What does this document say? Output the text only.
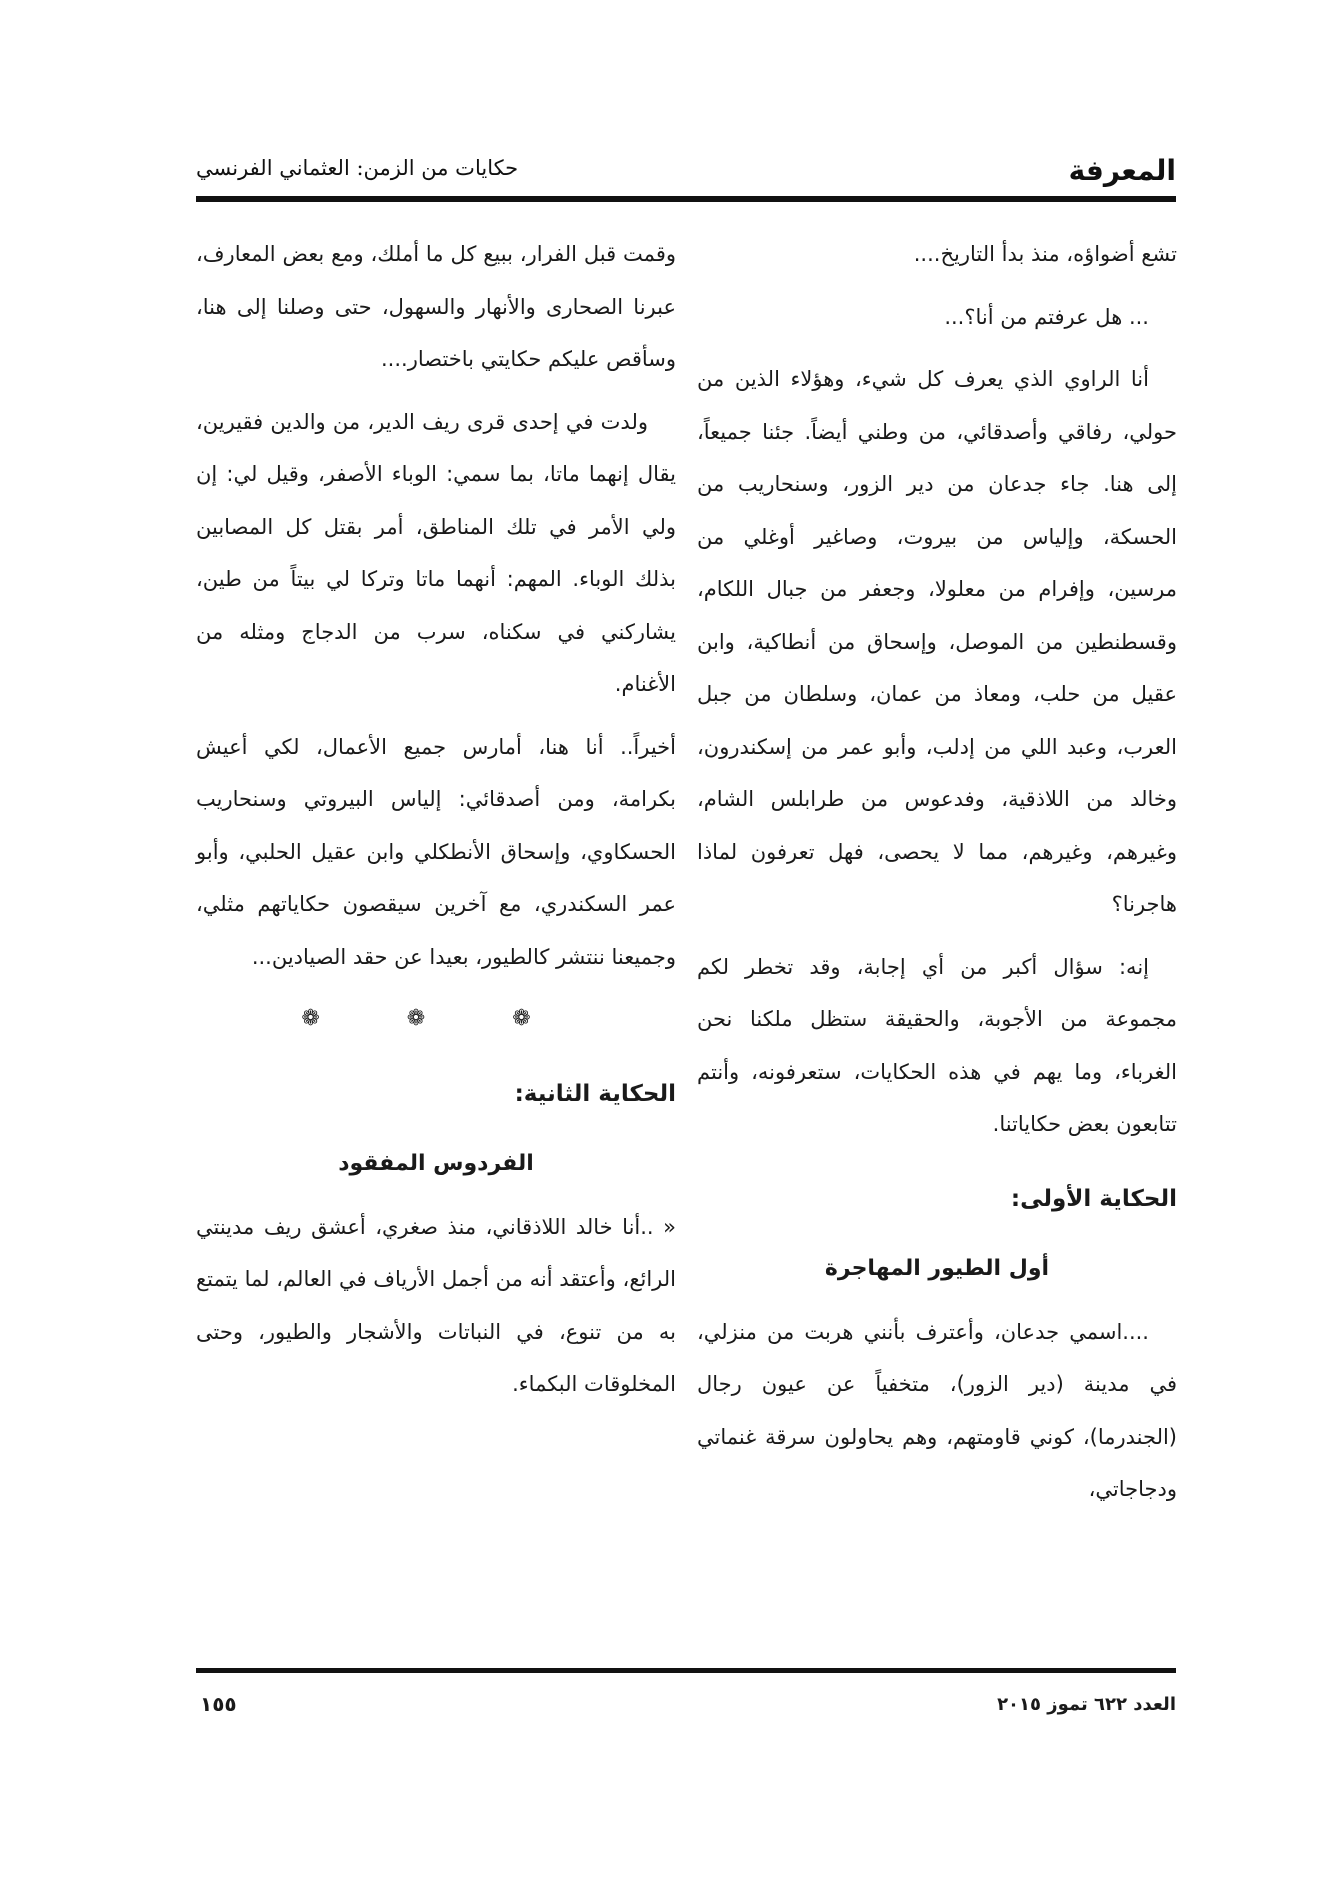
المعرفة
حكايات من الزمن: العثماني الفرنسي

تشع أضواؤه، منذ بدأ التاريخ....

... هل عرفتم من أنا؟...

أنا الراوي الذي يعرف كل شيء، وهؤلاء الذين من حولي، رفاقي وأصدقائي، من وطني أيضاً. جئنا جميعاً، إلى هنا. جاء جدعان من دير الزور، وسنحاريب من الحسكة، وإلياس من بيروت، وصاغير أوغلي من مرسين، وإفرام من معلولا، وجعفر من جبال اللكام، وقسطنطين من الموصل، وإسحاق من أنطاكية، وابن عقيل من حلب، ومعاذ من عمان، وسلطان من جبل العرب، وعبد اللي من إدلب، وأبو عمر من إسكندرون، وخالد من اللاذقية، وفدعوس من طرابلس الشام، وغيرهم، وغيرهم، مما لا يحصى، فهل تعرفون لماذا هاجرنا؟

إنه: سؤال أكبر من أي إجابة، وقد تخطر لكم مجموعة من الأجوبة، والحقيقة ستظل ملكنا نحن الغرباء، وما يهم في هذه الحكايات، ستعرفونه، وأنتم تتابعون بعض حكاياتنا.

الحكاية الأولى:
أول الطيور المهاجرة

....اسمي جدعان، وأعترف بأنني هربت من منزلي، في مدينة (دير الزور)، متخفياً عن عيون رجال (الجندرما)، كوني قاومتهم، وهم يحاولون سرقة غنماتي ودجاجاتي،

وقمت قبل الفرار، ببيع كل ما أملك، ومع بعض المعارف، عبرنا الصحارى والأنهار والسهول، حتى وصلنا إلى هنا، وسأقص عليكم حكايتي باختصار....

ولدت في إحدى قرى ريف الدير، من والدين فقيرين، يقال إنهما ماتا، بما سمي: الوباء الأصفر، وقيل لي: إن ولي الأمر في تلك المناطق، أمر بقتل كل المصابين بذلك الوباء. المهم: أنهما ماتا وتركا لي بيتاً من طين، يشاركني في سكناه، سرب من الدجاج ومثله من الأغنام.

أخيراً.. أنا هنا، أمارس جميع الأعمال، لكي أعيش بكرامة، ومن أصدقائي: إلياس البيروتي وسنحاريب الحسكاوي، وإسحاق الأنطكلي وابن عقيل الحلبي، وأبو عمر السكندري، مع آخرين سيقصون حكاياتهم مثلي، وجميعنا ننتشر كالطيور، بعيدا عن حقد الصيادين...

❁ ❁ ❁
الحكاية الثانية:
الفردوس المفقود

« ..أنا خالد اللاذقاني، منذ صغري، أعشق ريف مدينتي الرائع، وأعتقد أنه من أجمل الأرياف في العالم، لما يتمتع به من تنوع، في النباتات والأشجار والطيور، وحتى المخلوقات البكماء.

العدد ٦٢٢ تموز ٢٠١٥
١٥٥
